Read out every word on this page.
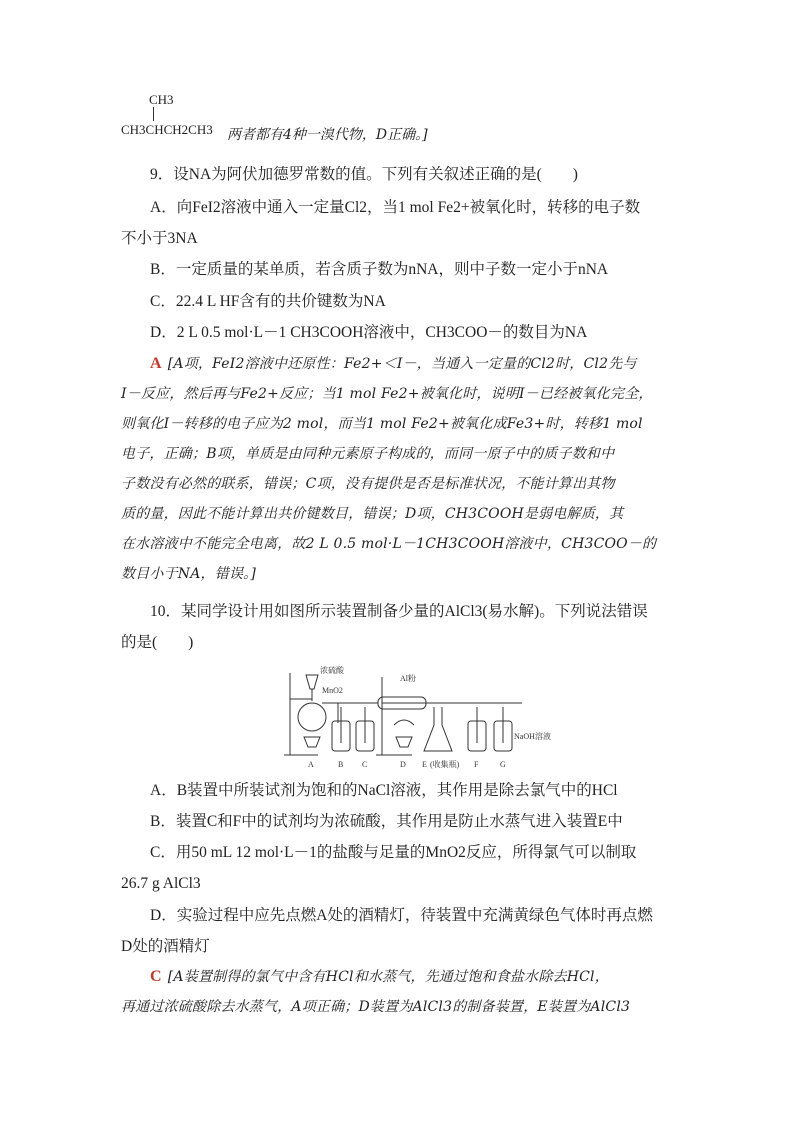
CH3
CH3CHCH2CH3 两者都有4种一溴代物，D正确。]
9．设NA为阿伏加德罗常数的值。下列有关叙述正确的是(　　)
A．向FeI2溶液中通入一定量Cl2，当1 mol Fe2+被氧化时，转移的电子数
不小于3NA
B．一定质量的某单质，若含质子数为nNA，则中子数一定小于nNA
C．22.4 L HF含有的共价键数为NA
D．2 L 0.5 mol·L－1 CH3COOH溶液中，CH3COO－的数目为NA
A [A项，FeI2溶液中还原性：Fe2+＜I－，当通入一定量的Cl2时，Cl2先与
I－反应，然后再与Fe2+反应；当1 mol Fe2+被氧化时，说明I－已经被氧化完全，
则氧化I－转移的电子应为2 mol，而当1 mol Fe2+被氧化成Fe3+时，转移1 mol
电子，正确；B项，单质是由同种元素原子构成的，而同一原子中的质子数和中
子数没有必然的联系，错误；C项，没有提供是否是标准状况，不能计算出其物
质的量，因此不能计算出共价键数目，错误；D项，CH3COOH是弱电解质，其
在水溶液中不能完全电离，故2 L 0.5 mol·L－1CH3COOH溶液中，CH3COO－的
数目小于NA，错误。]
10．某同学设计用如图所示装置制备少量的AlCl3(易水解)。下列说法错误
的是(　　)
浓硫酸
MnO2
Al粉
NaOH溶液
(收集瓶)
A	B C	D E	F	G
A．B装置中所装试剂为饱和的NaCl溶液，其作用是除去氯气中的HCl
B．装置C和F中的试剂均为浓硫酸，其作用是防止水蒸气进入装置E中
C．用50 mL 12 mol·L－1的盐酸与足量的MnO2反应，所得氯气可以制取
26.7 g AlCl3
D．实验过程中应先点燃A处的酒精灯，待装置中充满黄绿色气体时再点燃
D处的酒精灯
C [A装置制得的氯气中含有HCl和水蒸气，先通过饱和食盐水除去HCl，
再通过浓硫酸除去水蒸气，A项正确；D装置为AlCl3的制备装置，E装置为AlCl3
